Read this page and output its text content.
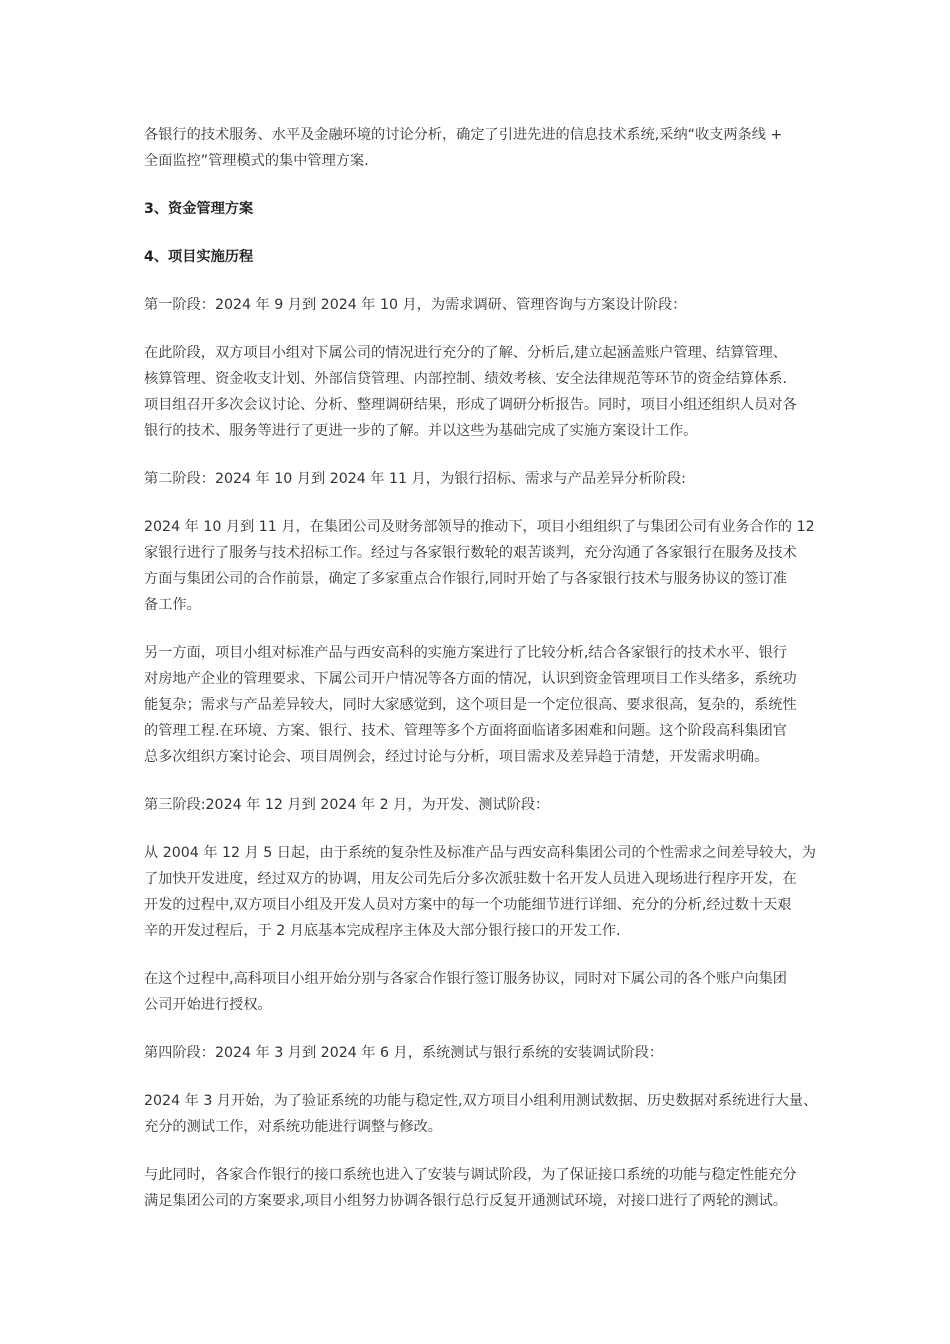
各银行的技术服务、水平及金融环境的讨论分析，确定了引进先进的信息技术系统,采纳“收支两条线 +
全面监控”管理模式的集中管理方案.

3、资金管理方案

4、项目实施历程

第一阶段：2024 年 9 月到 2024 年 10 月，为需求调研、管理咨询与方案设计阶段：

在此阶段，双方项目小组对下属公司的情况进行充分的了解、分析后,建立起涵盖账户管理、结算管理、
核算管理、资金收支计划、外部信贷管理、内部控制、绩效考核、安全法律规范等环节的资金结算体系.
项目组召开多次会议讨论、分析、整理调研结果，形成了调研分析报告。同时，项目小组还组织人员对各
银行的技术、服务等进行了更进一步的了解。并以这些为基础完成了实施方案设计工作。

第二阶段：2024 年 10 月到 2024 年 11 月，为银行招标、需求与产品差异分析阶段:

2024 年 10 月到 11 月，在集团公司及财务部领导的推动下，项目小组组织了与集团公司有业务合作的 12
家银行进行了服务与技术招标工作。经过与各家银行数轮的艰苦谈判，充分沟通了各家银行在服务及技术
方面与集团公司的合作前景，确定了多家重点合作银行,同时开始了与各家银行技术与服务协议的签订准
备工作。

另一方面，项目小组对标准产品与西安高科的实施方案进行了比较分析,结合各家银行的技术水平、银行
对房地产企业的管理要求、下属公司开户情况等各方面的情况，认识到资金管理项目工作头绪多，系统功
能复杂；需求与产品差异较大，同时大家感觉到，这个项目是一个定位很高、要求很高，复杂的，系统性
的管理工程.在环境、方案、银行、技术、管理等多个方面将面临诸多困难和问题。这个阶段高科集团官
总多次组织方案讨论会、项目周例会，经过讨论与分析，项目需求及差异趋于清楚，开发需求明确。

第三阶段:2024 年 12 月到 2024 年 2 月，为开发、测试阶段：

从 2004 年 12 月 5 日起，由于系统的复杂性及标准产品与西安高科集团公司的个性需求之间差导较大，为
了加快开发进度，经过双方的协调，用友公司先后分多次派驻数十名开发人员进入现场进行程序开发，在
开发的过程中,双方项目小组及开发人员对方案中的每一个功能细节进行详细、充分的分析,经过数十天艰
辛的开发过程后，于 2 月底基本完成程序主体及大部分银行接口的开发工作.

在这个过程中,高科项目小组开始分别与各家合作银行签订服务协议，同时对下属公司的各个账户向集团
公司开始进行授权。

第四阶段：2024 年 3 月到 2024 年 6 月，系统测试与银行系统的安装调试阶段：

2024 年 3 月开始，为了验证系统的功能与稳定性,双方项目小组利用测试数据、历史数据对系统进行大量、
充分的测试工作，对系统功能进行调整与修改。

与此同时，各家合作银行的接口系统也进入了安装与调试阶段，为了保证接口系统的功能与稳定性能充分
满足集团公司的方案要求,项目小组努力协调各银行总行反复开通测试环境，对接口进行了两轮的测试。
